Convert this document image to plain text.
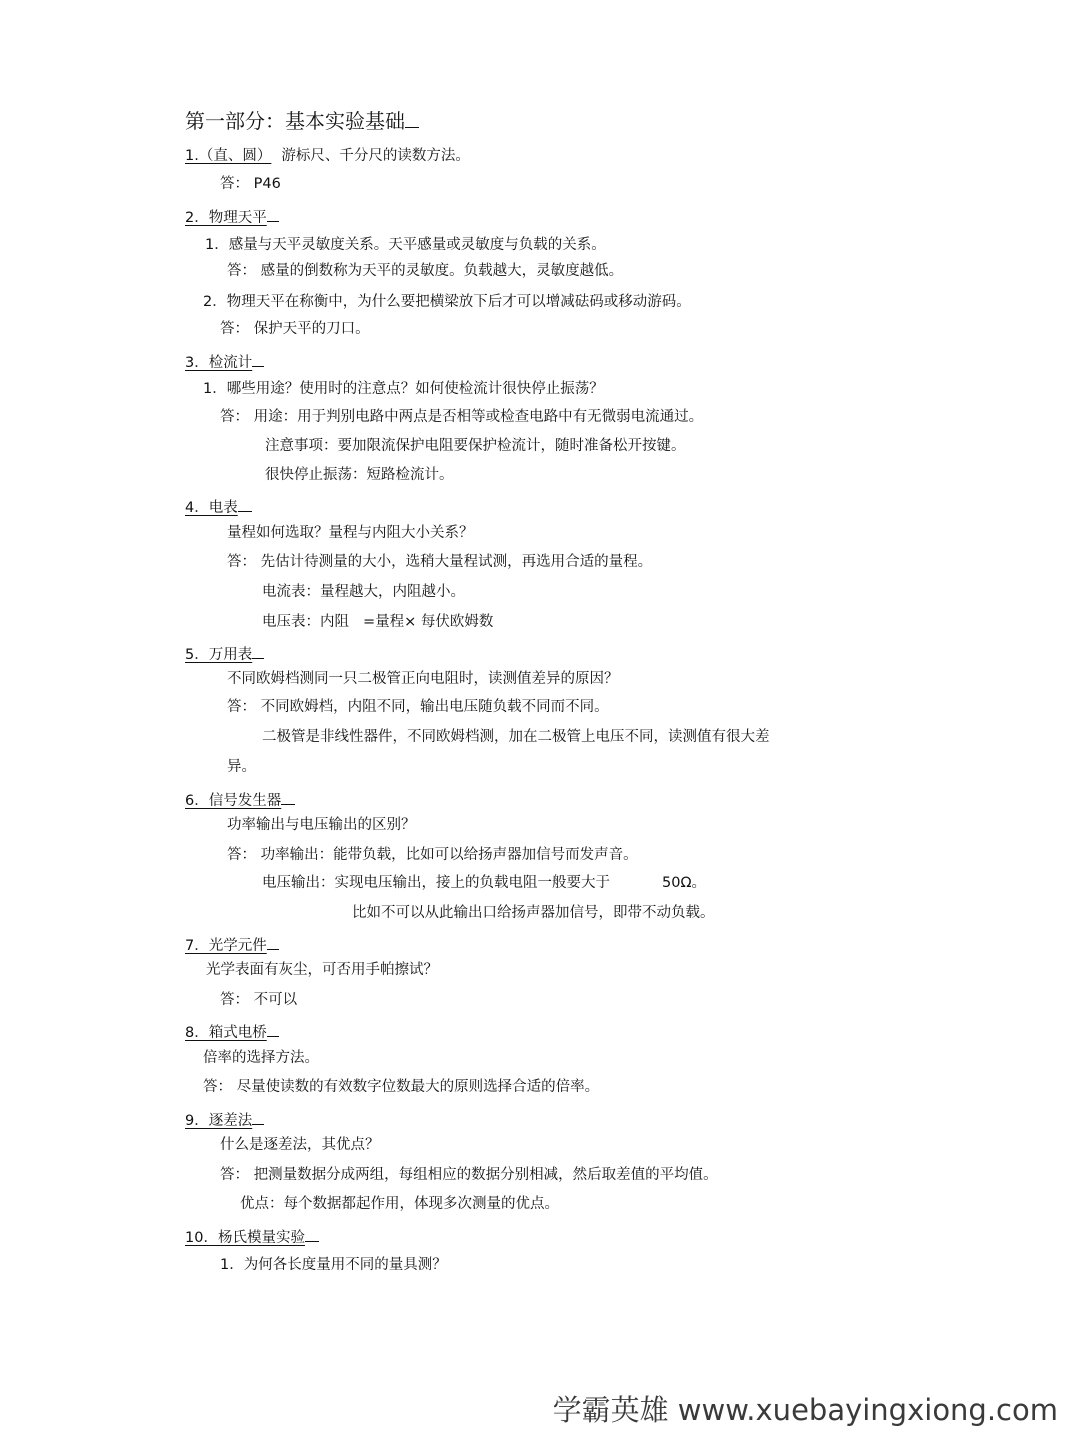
第一部分：基本实验基础
1.（直、圆） 游标尺、千分尺的读数方法。
答： P46
2．物理天平
1．感量与天平灵敏度关系。天平感量或灵敏度与负载的关系。
答： 感量的倒数称为天平的灵敏度。负载越大，灵敏度越低。
2．物理天平在称衡中，为什么要把横梁放下后才可以增减砝码或移动游码。
答： 保护天平的刀口。
3．检流计
1．哪些用途？使用时的注意点？如何使检流计很快停止振荡？
答： 用途：用于判别电路中两点是否相等或检查电路中有无微弱电流通过。
注意事项：要加限流保护电阻要保护检流计，随时准备松开按键。
很快停止振荡：短路检流计。
4．电表
量程如何选取？量程与内阻大小关系？
答： 先估计待测量的大小，选稍大量程试测，再选用合适的量程。
电流表：量程越大，内阻越小。
电压表：内阻 =量程× 每伏欧姆数
5．万用表
不同欧姆档测同一只二极管正向电阻时，读测值差异的原因？
答： 不同欧姆档，内阻不同，输出电压随负载不同而不同。
二极管是非线性器件，不同欧姆档测，加在二极管上电压不同，读测值有很大差
异。
6．信号发生器
功率输出与电压输出的区别？
答： 功率输出：能带负载，比如可以给扬声器加信号而发声音。
电压输出：实现电压输出，接上的负载电阻一般要大于	50Ω。
比如不可以从此输出口给扬声器加信号，即带不动负载。
7．光学元件
光学表面有灰尘，可否用手帕擦试？
答： 不可以
8．箱式电桥
倍率的选择方法。
答： 尽量使读数的有效数字位数最大的原则选择合适的倍率。
9．逐差法
什么是逐差法，其优点？
答： 把测量数据分成两组，每组相应的数据分别相减，然后取差值的平均值。
优点：每个数据都起作用，体现多次测量的优点。
10．杨氏模量实验
1．为何各长度量用不同的量具测？
学霸英雄 www.xuebayingxiong.com
